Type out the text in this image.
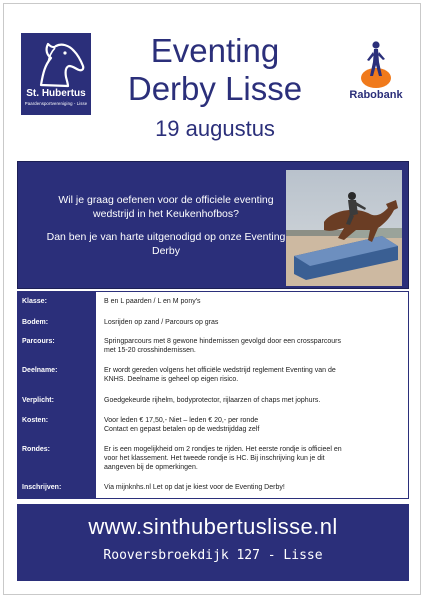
St. Hubertus
Paardensportvereniging - Lisse
Eventing
Derby Lisse
19 augustus
Rabobank

Wil je graag oefenen voor de officiele eventing wedstrijd in het Keukenhofbos?

Dan ben je van harte uitgenodigd op onze Eventing Derby

B en L paarden / L en M pony's
Losrijden op zand / Parcours op gras
Springparcours met 8 gewone hindernissen gevolgd door een crossparcours
met 15-20 crosshindernissen.
Er wordt gereden volgens het officiële wedstrijd reglement Eventing van de
KNHS. Deelname is geheel op eigen risico.
Goedgekeurde rijhelm, bodyprotector, rijlaarzen of chaps met jophurs.
Voor leden € 17,50,- Niet – leden € 20,- per ronde
Contact en gepast betalen op de wedstrijddag zelf
Er is een mogelijkheid om 2 rondjes te rijden. Het eerste rondje is officieel en
voor het klassement. Het tweede rondje is HC. Bij inschrijving kun je dit
aangeven bij de opmerkingen.
Via mijnknhs.nl Let op dat je kiest voor de Eventing Derby!
www.sinthubertuslisse.nl
Rooversbroekdijk 127 - Lisse
